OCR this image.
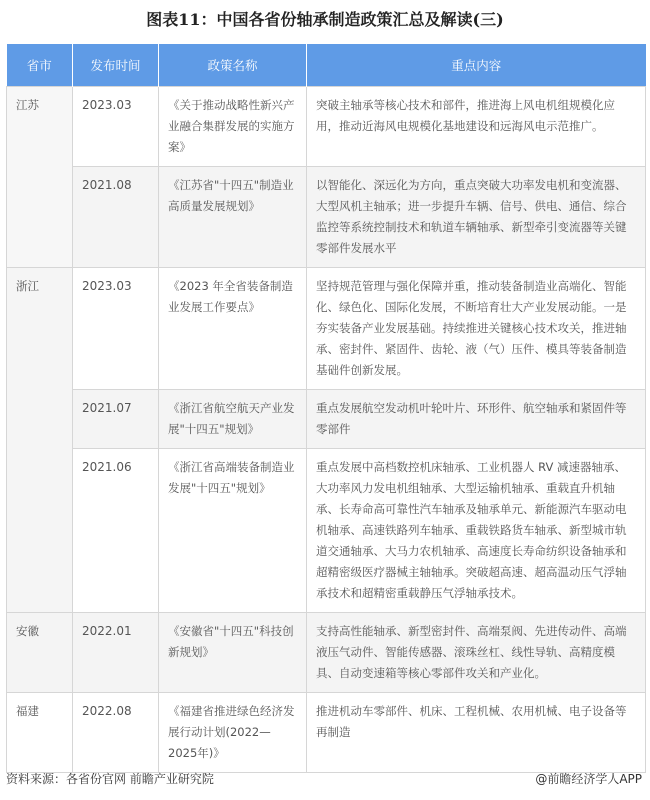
图表11：中国各省份轴承制造政策汇总及解读(三)
省市	发布时间	政策名称	重点内容
江苏	2023.03	《关于推动战略性新兴产业融合集群发展的实施方案》	突破主轴承等核心技术和部件，推进海上风电机组规模化应用，推动近海风电规模化基地建设和远海风电示范推广。
	2021.08	《江苏省"十四五"制造业高质量发展规划》	以智能化、深远化为方向，重点突破大功率发电机和变流器、大型风机主轴承；进一步提升车辆、信号、供电、通信、综合监控等系统控制技术和轨道车辆轴承、新型牵引变流器等关键零部件发展水平
浙江	2023.03	《2023 年全省装备制造业发展工作要点》	坚持规范管理与强化保障并重，推动装备制造业高端化、智能化、绿色化、国际化发展，不断培育壮大产业发展动能。一是夯实装备产业发展基础。持续推进关键核心技术攻关，推进轴承、密封件、紧固件、齿轮、液（气）压件、模具等装备制造基础件创新发展。
	2021.07	《浙江省航空航天产业发展"十四五"规划》	重点发展航空发动机叶轮叶片、环形件、航空轴承和紧固件等零部件
	2021.06	《浙江省高端装备制造业发展"十四五"规划》	重点发展中高档数控机床轴承、工业机器人 RV 减速器轴承、大功率风力发电机组轴承、大型运输机轴承、重载直升机轴承、长寿命高可靠性汽车轴承及轴承单元、新能源汽车驱动电机轴承、高速铁路列车轴承、重载铁路货车轴承、新型城市轨道交通轴承、大马力农机轴承、高速度长寿命纺织设备轴承和超精密级医疗器械主轴轴承。突破超高速、超高温动压气浮轴承技术和超精密重载静压气浮轴承技术。
安徽	2022.01	《安徽省"十四五"科技创新规划》	支持高性能轴承、新型密封件、高端泵阀、先进传动件、高端液压气动件、智能传感器、滚珠丝杠、线性导轨、高精度模具、自动变速箱等核心零部件攻关和产业化。
福建	2022.08	《福建省推进绿色经济发展行动计划(2022—2025年)》	推进机动车零部件、机床、工程机械、农用机械、电子设备等再制造
资料来源：各省份官网 前瞻产业研究院	@前瞻经济学人APP
